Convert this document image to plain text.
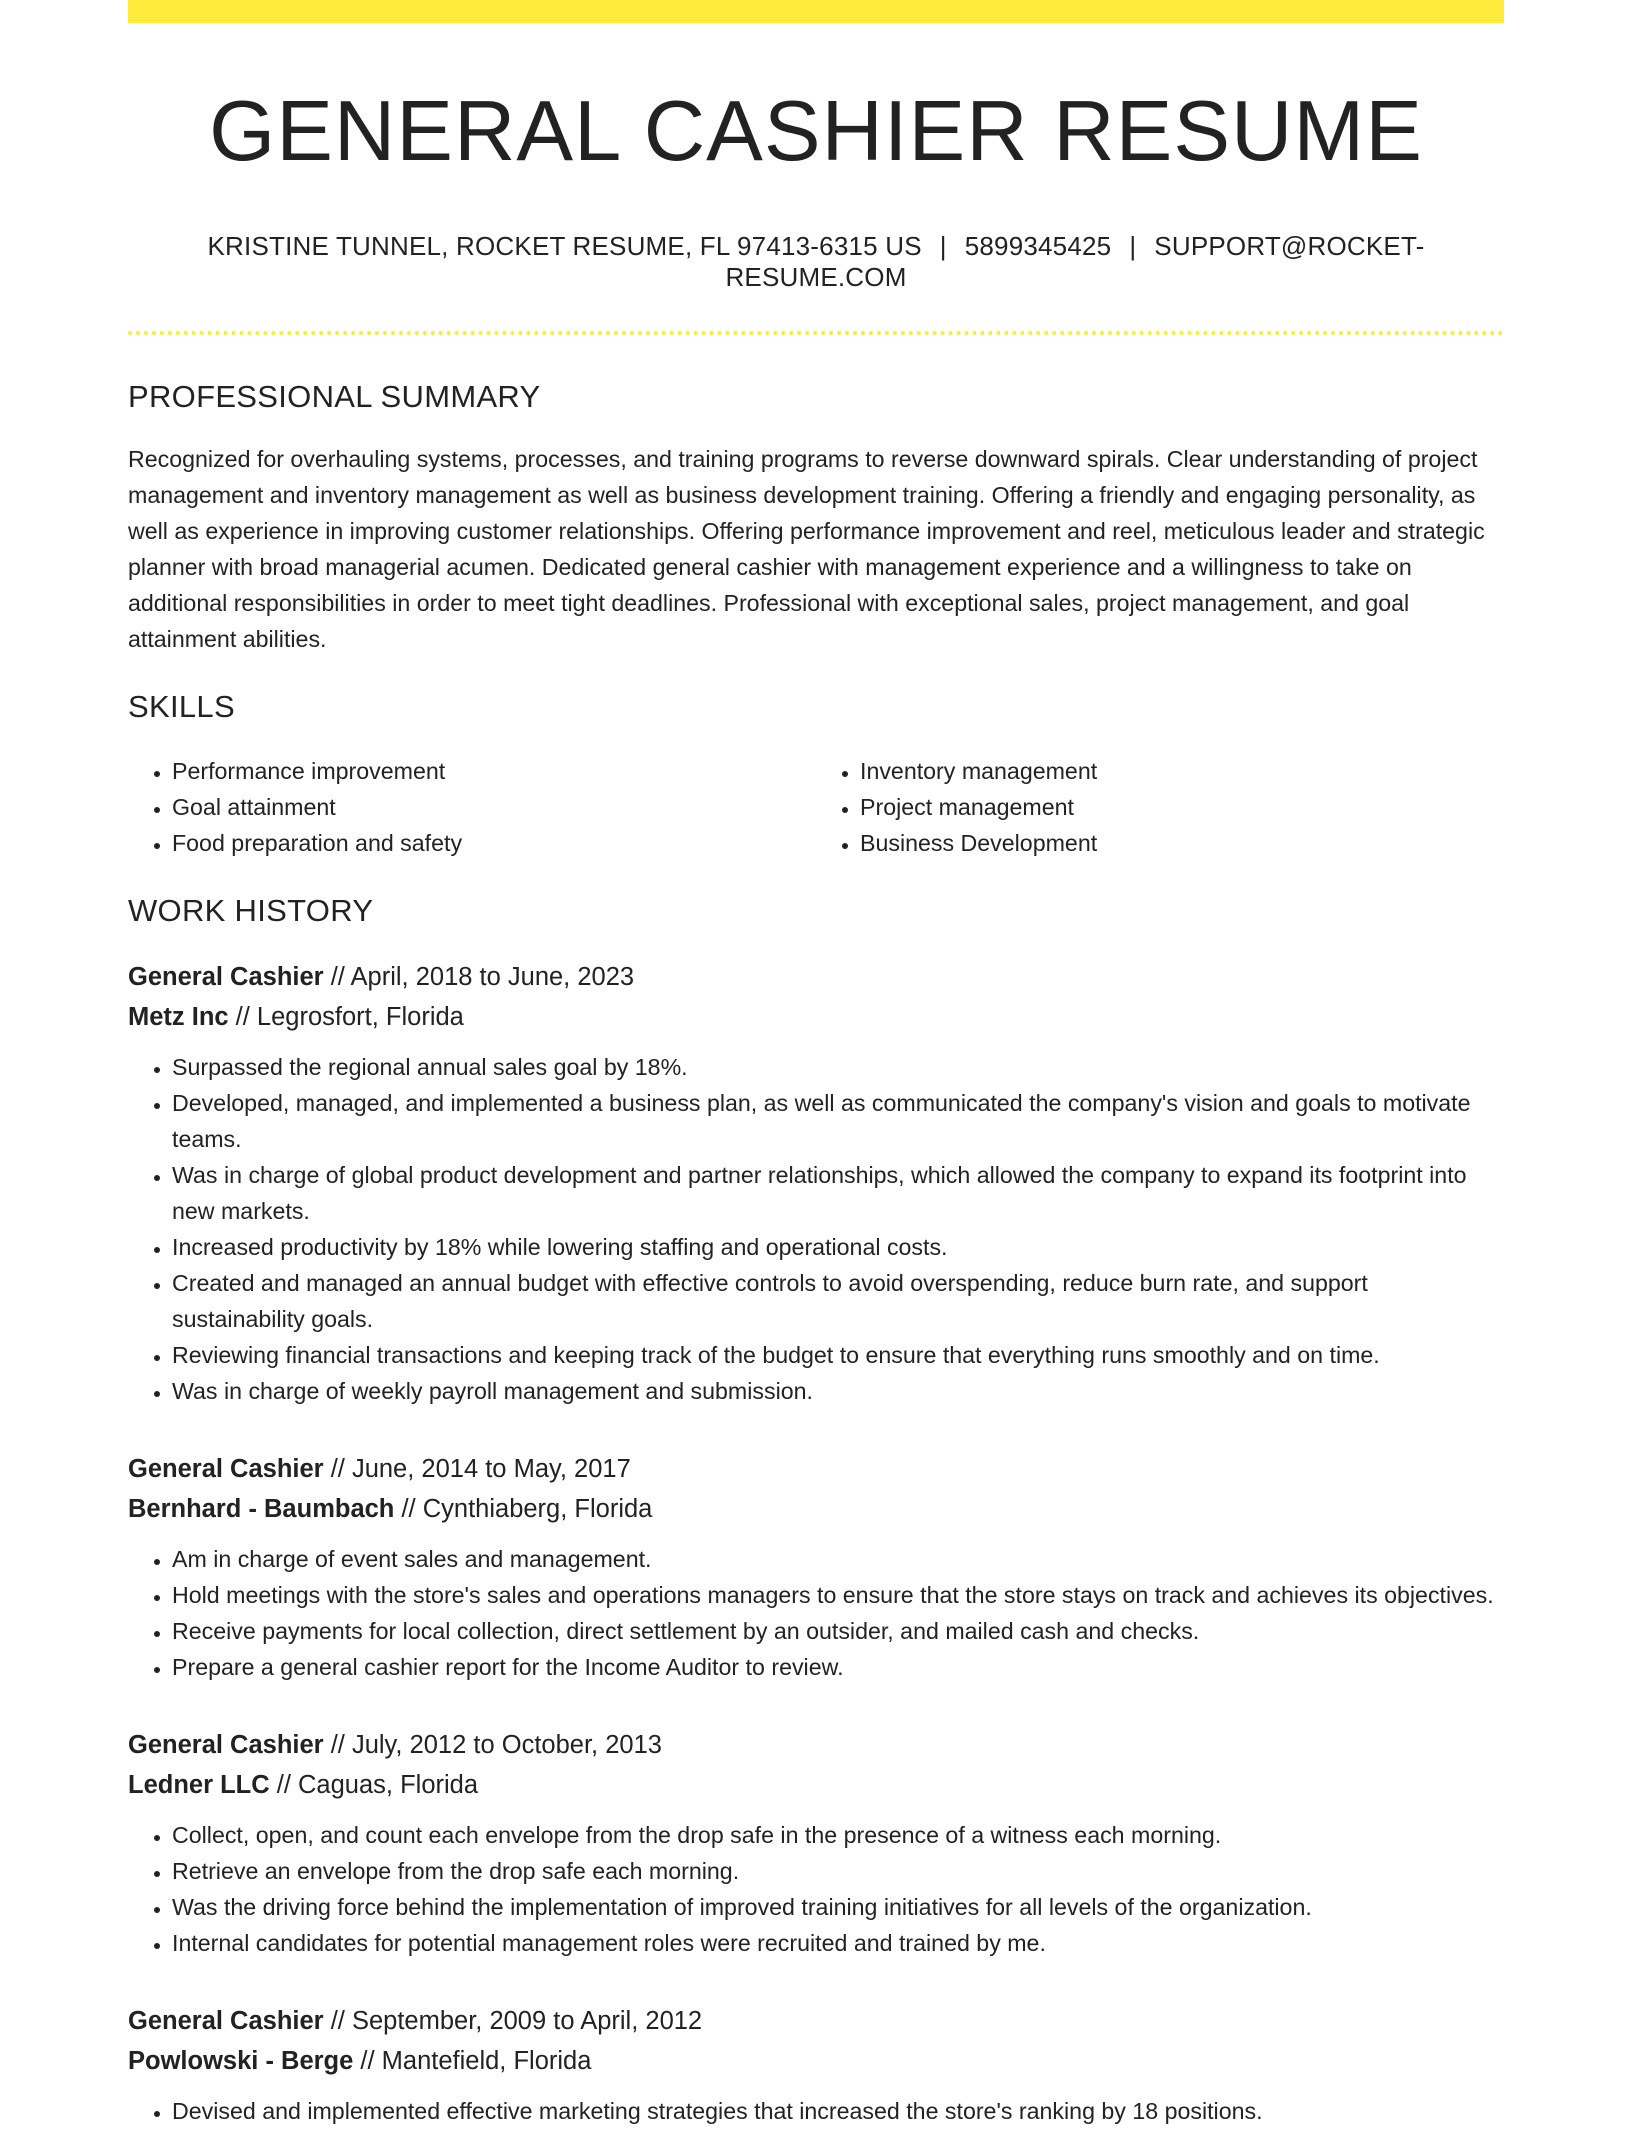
GENERAL CASHIER RESUME
KRISTINE TUNNEL, ROCKET RESUME, FL 97413-6315 US | 5899345425 | SUPPORT@ROCKET-RESUME.COM
PROFESSIONAL SUMMARY

Recognized for overhauling systems, processes, and training programs to reverse downward spirals. Clear understanding of project management and inventory management as well as business development training. Offering a friendly and engaging personality, as well as experience in improving customer relationships. Offering performance improvement and reel, meticulous leader and strategic planner with broad managerial acumen. Dedicated general cashier with management experience and a willingness to take on additional responsibilities in order to meet tight deadlines. Professional with exceptional sales, project management, and goal attainment abilities.

SKILLS
• Performance improvement
• Goal attainment
• Food preparation and safety
• Inventory management
• Project management
• Business Development
WORK HISTORY
General Cashier // April, 2018 to June, 2023
Metz Inc // Legrosfort, Florida
• Surpassed the regional annual sales goal by 18%.
• Developed, managed, and implemented a business plan, as well as communicated the company's vision and goals to motivate teams.
• Was in charge of global product development and partner relationships, which allowed the company to expand its footprint into new markets.
• Increased productivity by 18% while lowering staffing and operational costs.
• Created and managed an annual budget with effective controls to avoid overspending, reduce burn rate, and support sustainability goals.
• Reviewing financial transactions and keeping track of the budget to ensure that everything runs smoothly and on time.
• Was in charge of weekly payroll management and submission.
General Cashier // June, 2014 to May, 2017
Bernhard - Baumbach // Cynthiaberg, Florida
• Am in charge of event sales and management.
• Hold meetings with the store's sales and operations managers to ensure that the store stays on track and achieves its objectives.
• Receive payments for local collection, direct settlement by an outsider, and mailed cash and checks.
• Prepare a general cashier report for the Income Auditor to review.
General Cashier // July, 2012 to October, 2013
Ledner LLC // Caguas, Florida
• Collect, open, and count each envelope from the drop safe in the presence of a witness each morning.
• Retrieve an envelope from the drop safe each morning.
• Was the driving force behind the implementation of improved training initiatives for all levels of the organization.
• Internal candidates for potential management roles were recruited and trained by me.
General Cashier // September, 2009 to April, 2012
Powlowski - Berge // Mantefield, Florida
• Devised and implemented effective marketing strategies that increased the store's ranking by 18 positions.
